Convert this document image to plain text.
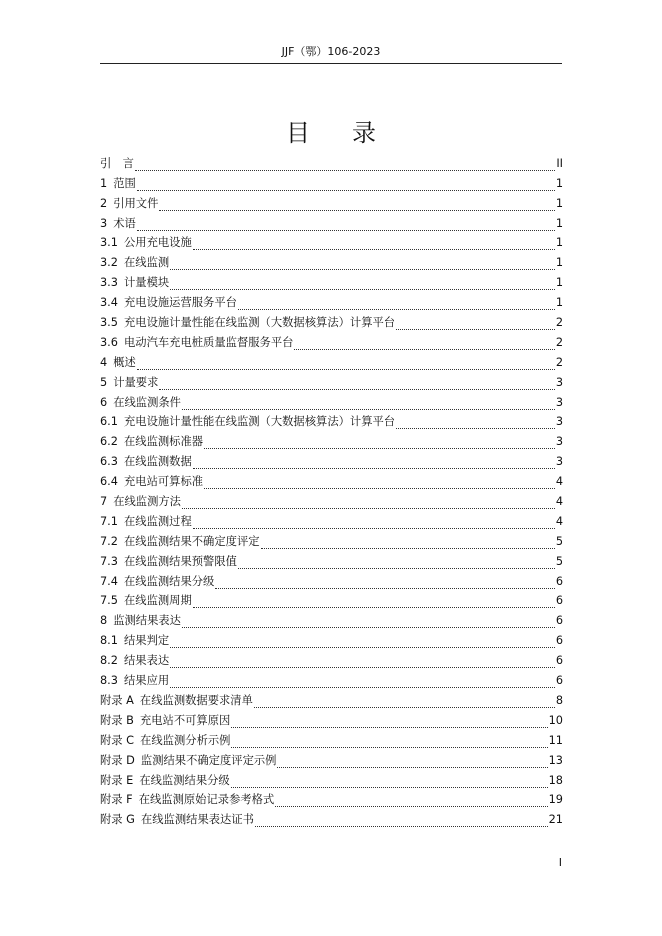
JJF（鄂）106-2023
目录
引　言	II
1 范围	1
2 引用文件	1
3 术语	1
3.1 公用充电设施	1
3.2 在线监测	1
3.3 计量模块	1
3.4 充电设施运营服务平台	1
3.5 充电设施计量性能在线监测（大数据核算法）计算平台	2
3.6 电动汽车充电桩质量监督服务平台	2
4 概述	2
5 计量要求	3
6 在线监测条件	3
6.1 充电设施计量性能在线监测（大数据核算法）计算平台	3
6.2 在线监测标准器	3
6.3 在线监测数据	3
6.4 充电站可算标准	4
7 在线监测方法	4
7.1 在线监测过程	4
7.2 在线监测结果不确定度评定	5
7.3 在线监测结果预警限值	5
7.4 在线监测结果分级	6
7.5 在线监测周期	6
8 监测结果表达	6
8.1 结果判定	6
8.2 结果表达	6
8.3 结果应用	6
附录 A 在线监测数据要求清单	8
附录 B 充电站不可算原因	10
附录 C 在线监测分析示例	11
附录 D 监测结果不确定度评定示例	13
附录 E 在线监测结果分级	18
附录 F 在线监测原始记录参考格式	19
附录 G 在线监测结果表达证书	21
I
